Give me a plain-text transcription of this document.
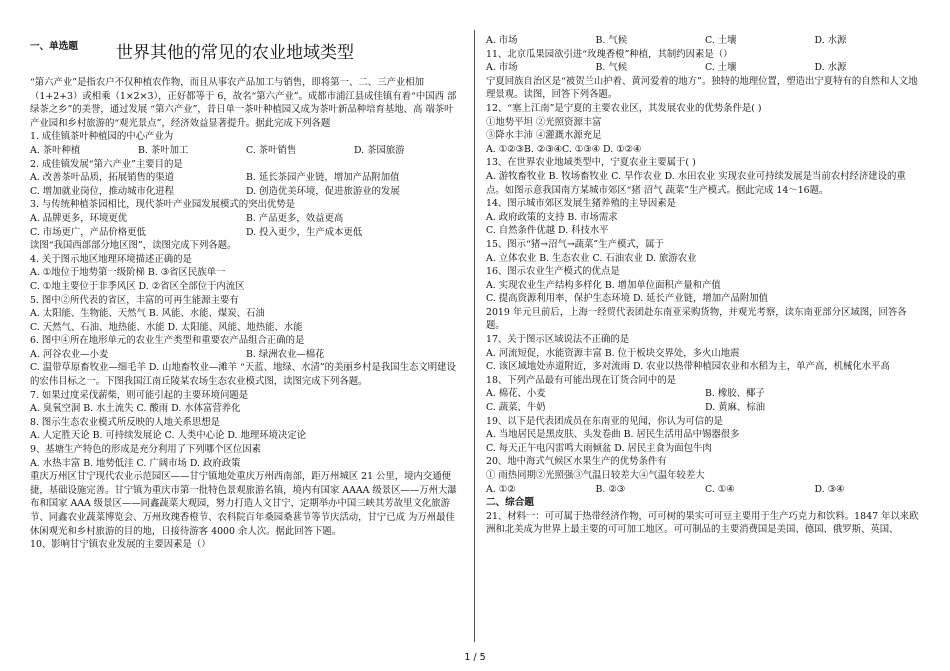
一、单选题 世界其他的常见的农业地域类型

“第六产业”是指农户不仅种植农作物，而且从事农产品加工与销售，即将第一、二、三产业相加（1+2+3）或相乘（1×2×3），正好都等于 6，故名“第六产业”。成都市浦江县成佳镇有着“中国西 部绿茶之乡”的美誉，通过发展 “第六产业”，昔日单一茶叶种植园又成为茶叶新品种培育基地、高 端茶叶产业园和乡村旅游的“观光景点”，经济效益显著提升。据此完成下列各题

1. 成佳镇茶叶种植园的中心产业为

A. 茶叶种植	B. 茶叶加工	C. 茶叶销售	D. 茶园旅游

2. 成佳镇发展“第六产业”主要目的是

A. 改善茶叶品质，拓展销售的渠道	B. 延长茶园产业链，增加产品附加值
C. 增加就业岗位，推动城市化进程	D. 创造优美环境，促进旅游业的发展

3. 与传统种植茶园相比，现代茶叶产业园发展模式的突出优势是

A. 品牌更多，环境更优	B. 产品更多，效益更高
C. 市场更广，产品价格更低	D. 投入更少，生产成本更低

读图“我国西部部分地区图”，读图完成下列各题。

4. 关于图示地区地理环境描述正确的是

A. ①地位于地势第一级阶梯 B. ③省区民族单一

C. ①地主要位于非季风区 D. ②省区全部位于内流区

5. 图中②所代表的省区，丰富的可再生能源主要有

A. 太阳能、生物能、天然气 B. 风能、水能、煤炭、石油

C. 天然气、石油、地热能、水能 D. 太阳能、风能、地热能、水能

6. 图中④所在地形单元的农业生产类型和重要农产品组合正确的是

A. 河谷农业—小麦	B. 绿洲农业—棉花

C. 温带草原畜牧业—细毛羊 D. 山地畜牧业—滩羊 “天蓝、地绿、水清”的美丽乡村是我国生态文明建设的宏伟目标之一。下图我国江南丘陵某农场生态农业模式图，读图完成下列各题。

7. 如果过度采伐薪柴，则可能引起的主要环境问题是

A. 臭氧空洞 B. 水土流失 C. 酸雨 D. 水体富营养化

8. 图示生态农业模式所反映的人地关系思想是

A. 人定胜天论 B. 可持续发展论 C. 人类中心论 D. 地理环境决定论

9、基塘生产特色的形成是充分利用了下列哪个区位因素

A. 水热丰富 B. 地势低洼 C. 广阔市场 D. 政府政策

重庆万州区甘宁现代农业示范园区——甘宁镇地处重庆万州西南部，距万州城区 21 公里，境内交通便捷，基础设施完善。甘宁镇为重庆市第一批特色景观旅游名镇，境内有国家 AAAA 级景区——万州大瀑布和国家 AAA 级景区——同鑫蔬菜大观园，努力打造人文甘宁，定期举办中国三峡其芳故里文化旅游节、同鑫农业蔬菜博览会、万州玫瑰香橙节、农科院百年桑园桑葚节等节庆活动，甘宁已成 为万州最佳休闲观光和乡村旅游的目的地，日接待游客 4000 余人次。据此回答下题。

10、影响甘宁镇农业发展的主要因素是（）

A. 市场	B. 气候	C. 土壤	D. 水源

11、北京瓜果园欲引进“玫瑰香橙”种植，其制约因素是（）

A. 市场	B. 气候	C. 土壤	D. 水源

宁夏回族自治区是“被贺兰山护着、黄河爱着的地方”。独特的地理位置，塑造出宁夏特有的自然和人文地理景观。读图，回答下列各题。

12、“塞上江南”是宁夏的主要农业区，其发展农业的优势条件是( )

①地势平坦 ②光照资源丰富

③降水丰沛 ④灌溉水源充足

A. ①②③B. ②③④C. ①③④ D. ①②④

13、在世界农业地域类型中，宁夏农业主要属于( )

A. 游牧畜牧业 B. 牧场畜牧业 C. 旱作农业 D. 水田农业 实现农业可持续发展是当前农村经济建设的重点。如图示意我国南方某城市郊区“猪 沼气 蔬菜”生产模式。据此完成 14～16题。

14、图示城市郊区发展生猪养殖的主导因素是

A. 政府政策的支持 B. 市场需求

C. 自然条件优越 D. 科技水平

15、图示“猪→沼气→蔬菜”生产模式，属于

A. 立体农业 B. 生态农业 C. 石油农业 D. 旅游农业

16、图示农业生产模式的优点是

A. 实现农业生产结构多样化 B. 增加单位面积产量和产值

C. 提高资源利用率，保护生态环境 D. 延长产业链，增加产品附加值

2019 年元旦前后，上海一经贸代表团赴东南亚采购货物，并观光考察，读东南亚部分区域图，回答各 题。

17、关于图示区域说法不正确的是

A. 河流短促，水能资源丰富 B. 位于板块交界处，多火山地震

C. 该区域地处赤道附近，多对流雨 D. 农业以热带种植园农业和水稻为主，单产高，机械化水平高

18、下列产品最有可能出现在订货合同中的是

A. 棉花、小麦	B. 橡胶、椰子
C. 蔬菜、牛奶	D. 黄麻、棕油

19、以下是代表团成员在东南亚的见闻，你认为可信的是

A. 当地居民是黑皮肤、头发卷曲 B. 居民生活用品中锡器很多

C. 每天正午电闪雷鸣大雨倾盆 D. 居民主食为面包牛肉

20、地中海式气候区水果生产的优势条件有

① 雨热同期②光照强③气温日较差大④气温年较差大

A. ①②	B. ②③	C. ①④	D. ③④

二、综合题

21、材料一：可可属于热带经济作物，可可树的果实可可豆主要用于生产巧克力和饮料。1847 年以来欧洲和北美成为世界上最主要的可可加工地区。可可制品的主要消费国是美国、德国、俄罗斯、英国、

1 / 5
